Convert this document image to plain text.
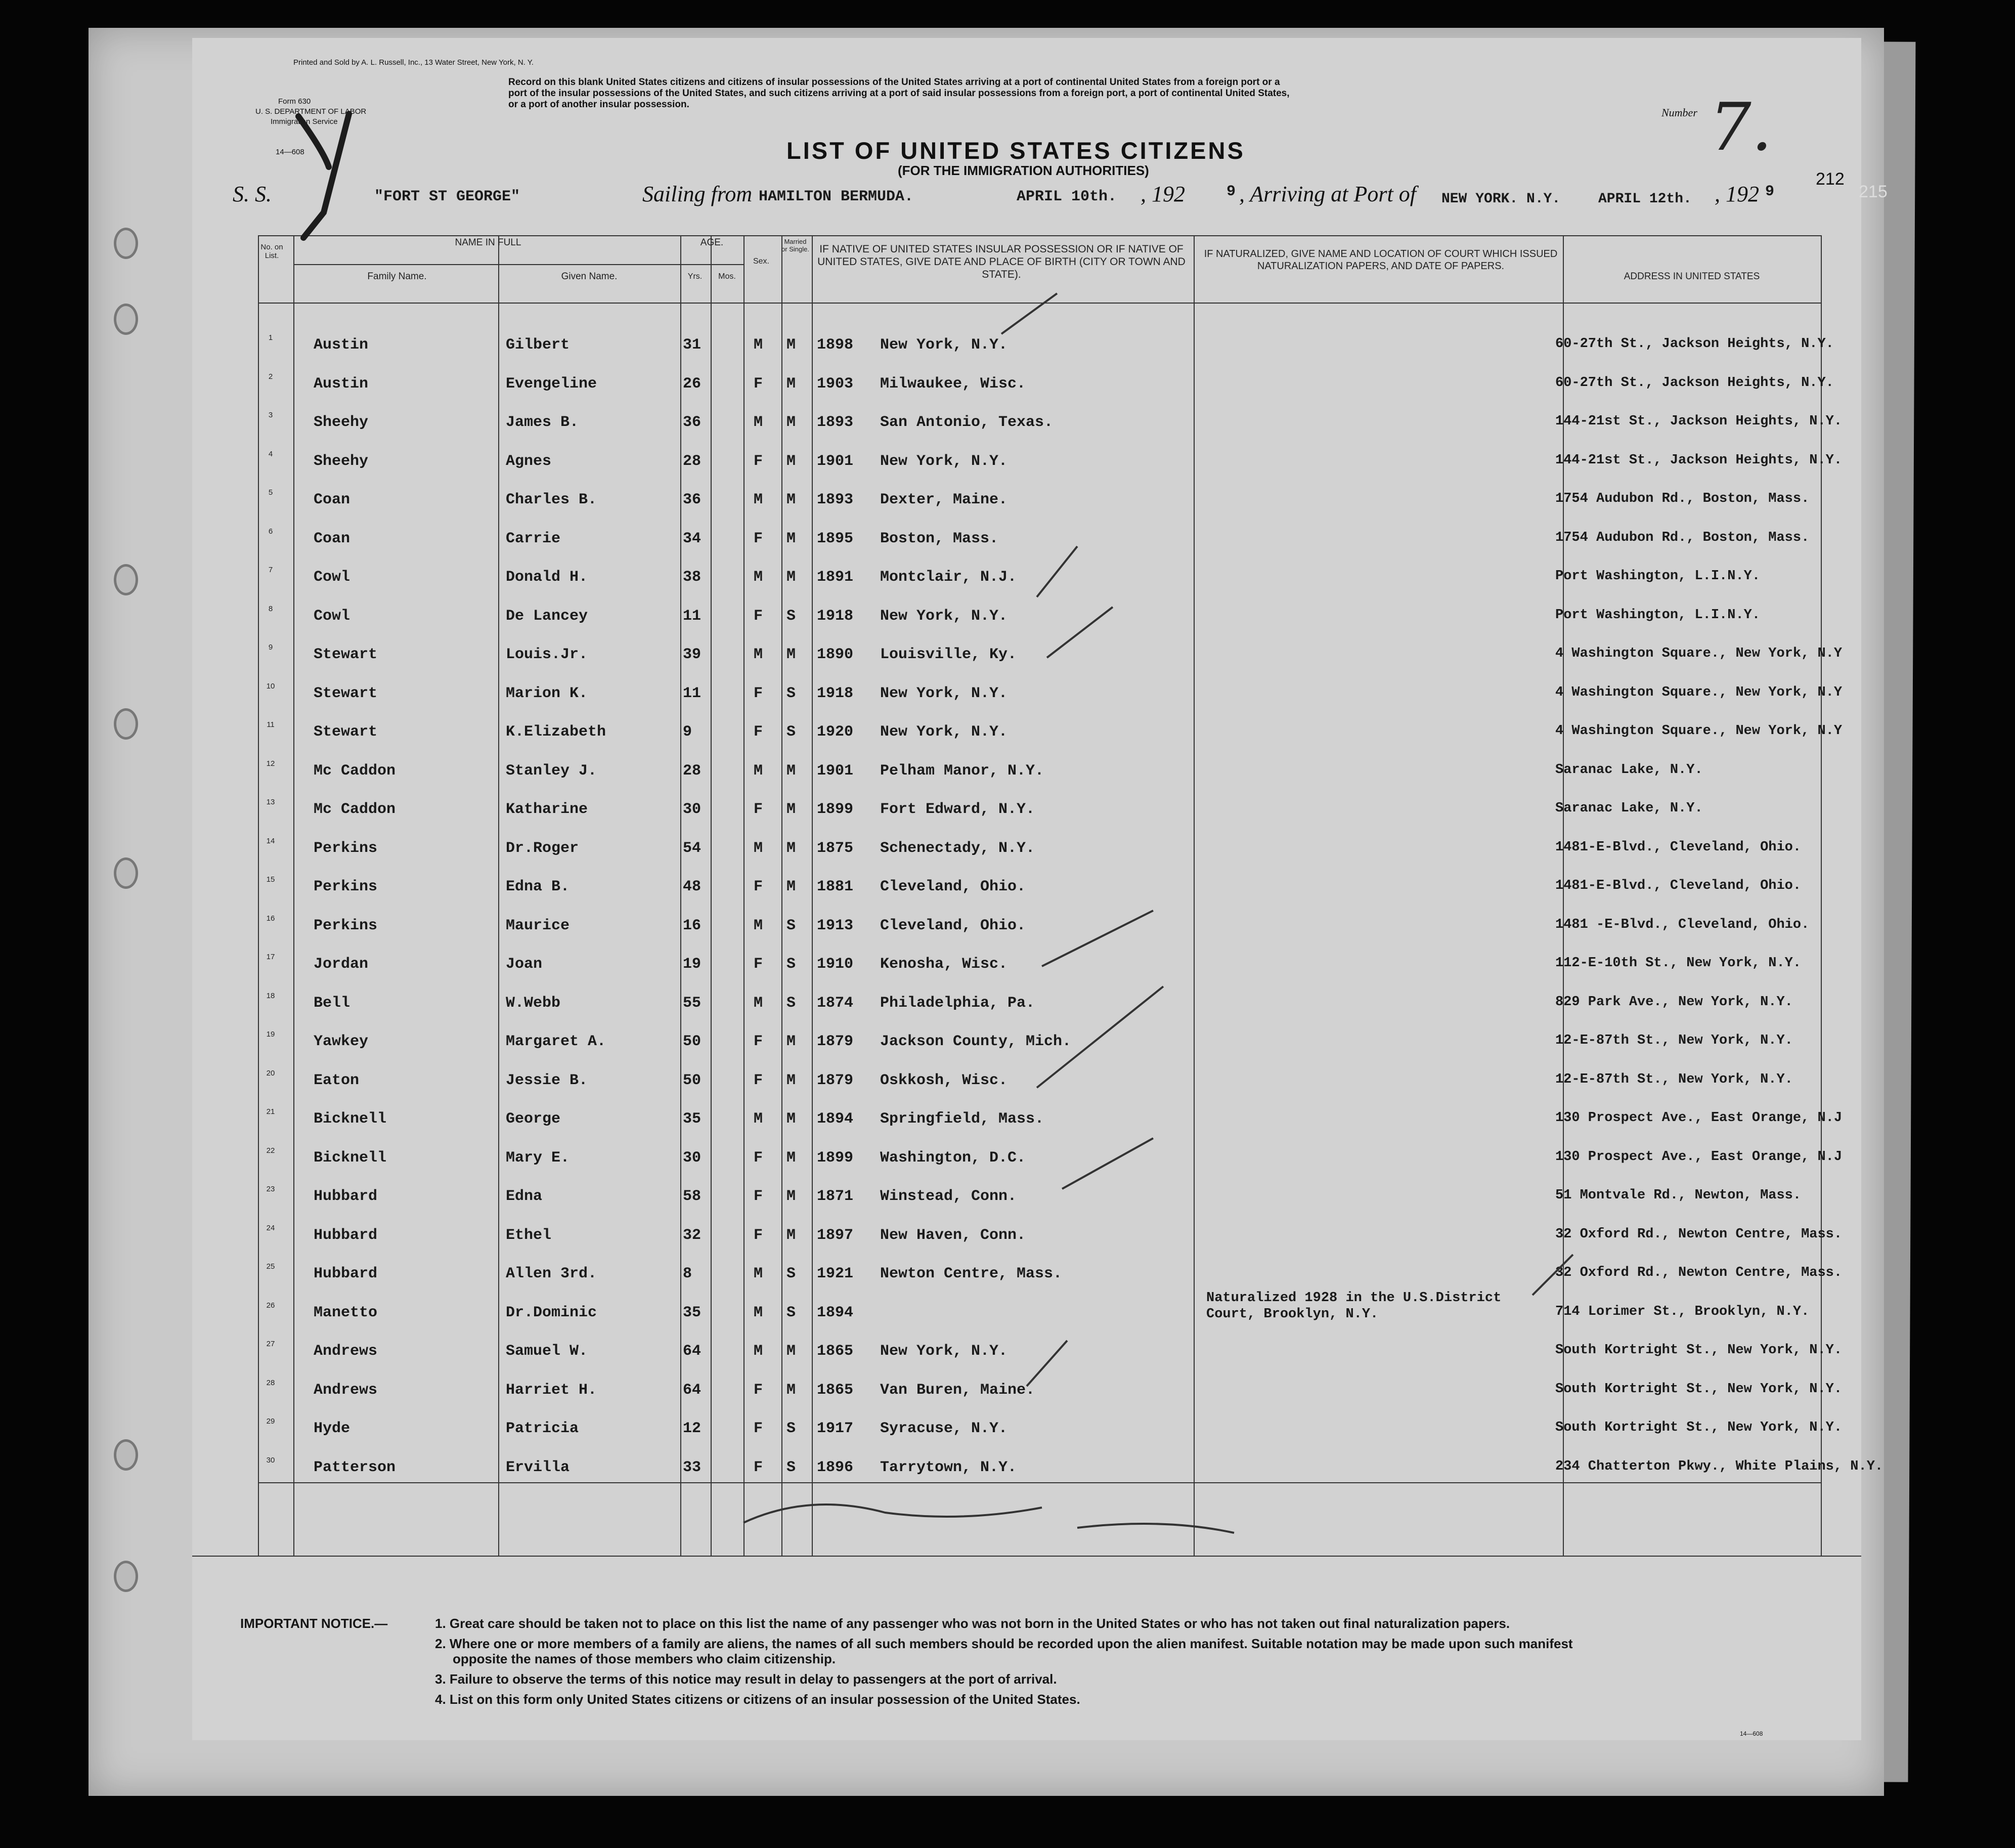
Printed and Sold by A. L. Russell, Inc., 13 Water Street, New York, N. Y.
Form 630
U. S. DEPARTMENT OF LABOR
Immigration Service
14—608
Record on this blank United States citizens and citizens of insular possessions of the United States arriving at a port of continental United States from a foreign port or a
port of the insular possessions of the United States, and such citizens arriving at a port of said insular possessions from a foreign port, a port of continental United States,
or a port of another insular possession.
Number 7.
LIST OF UNITED STATES CITIZENS
(FOR THE IMMIGRATION AUTHORITIES)
S. S.	"FORT ST GEORGE"	Sailing from HAMILTON BERMUDA.	APRIL 10th. , 192	9 , Arriving at Port of NEW YORK. N.Y.	APRIL 12th. , 192 9
212
215
No. on List.
NAME IN FULL
Family Name.	Given Name.
AGE.
Yrs.	Mos.
Sex.
Married or Single. IF NATIVE OF UNITED STATES INSULAR POSSESSION OR IF NATIVE OF UNITED STATES, GIVE DATE AND PLACE OF BIRTH (CITY OR TOWN AND STATE).
IF NATURALIZED, GIVE NAME AND LOCATION OF COURT WHICH ISSUED NATURALIZATION PAPERS, AND DATE OF PAPERS.
ADDRESS IN UNITED STATES
1	Austin	Gilbert	31	M M 1898 New York, N.Y.	60-27th St., Jackson Heights, N.Y.
2	Austin	Evengeline	26	F M 1903 Milwaukee, Wisc.	60-27th St., Jackson Heights, N.Y.
3	Sheehy	James B.	36	M M 1893 San Antonio, Texas.	144-21st St., Jackson Heights, N.Y.
4	Sheehy	Agnes	28	F M 1901 New York, N.Y.	144-21st St., Jackson Heights, N.Y.
5	Coan	Charles B.	36	M M 1893 Dexter, Maine.	1754 Audubon Rd., Boston, Mass.
6	Coan	Carrie	34	F M 1895 Boston, Mass.	1754 Audubon Rd., Boston, Mass.
7	Cowl	Donald H.	38	M M 1891 Montclair, N.J.	Port Washington, L.I.N.Y.
8	Cowl	De Lancey	11	F S 1918 New York, N.Y.	Port Washington, L.I.N.Y.
9	Stewart	Louis.Jr.	39	M M 1890 Louisville, Ky.	4 Washington Square., New York, N.Y
10	Stewart	Marion K.	11	F S 1918 New York, N.Y.	4 Washington Square., New York, N.Y
11	Stewart	K.Elizabeth	9	F S 1920 New York, N.Y.	4 Washington Square., New York, N.Y
12	Mc Caddon	Stanley J.	28	M M 1901 Pelham Manor, N.Y.	Saranac Lake, N.Y.
13	Mc Caddon	Katharine	30	F M 1899 Fort Edward, N.Y.	Saranac Lake, N.Y.
14	Perkins	Dr.Roger	54	M M 1875 Schenectady, N.Y.	1481-E-Blvd., Cleveland, Ohio.
15	Perkins	Edna B.	48	F M 1881 Cleveland, Ohio.	1481-E-Blvd., Cleveland, Ohio.
16	Perkins	Maurice	16	M S 1913 Cleveland, Ohio.	1481 -E-Blvd., Cleveland, Ohio.
17	Jordan	Joan	19	F S 1910 Kenosha, Wisc.	112-E-10th St., New York, N.Y.
18	Bell	W.Webb	55	M S 1874 Philadelphia, Pa.	829 Park Ave., New York, N.Y.
19	Yawkey	Margaret A.	50	F M 1879 Jackson County, Mich.	12-E-87th St., New York, N.Y.
20	Eaton	Jessie B.	50	F M 1879 Oskkosh, Wisc.	12-E-87th St., New York, N.Y.
21	Bicknell	George	35	M M 1894 Springfield, Mass.	130 Prospect Ave., East Orange, N.J
22	Bicknell	Mary E.	30	F M 1899 Washington, D.C.	130 Prospect Ave., East Orange, N.J
23	Hubbard	Edna	58	F M 1871 Winstead, Conn.	51 Montvale Rd., Newton, Mass.
24	Hubbard	Ethel	32	F M 1897 New Haven, Conn.	32 Oxford Rd., Newton Centre, Mass.
25	Hubbard	Allen 3rd.	8	M S 1921 Newton Centre, Mass.	32 Oxford Rd., Newton Centre, Mass.
26	Manetto	Dr.Dominic	35	M S 1894	714 Lorimer St., Brooklyn, N.Y.
Naturalized 1928 in the U.S.District Court, Brooklyn, N.Y.
27	Andrews	Samuel W.	64	M M 1865 New York, N.Y.	South Kortright St., New York, N.Y.
28	Andrews	Harriet H.	64	F M 1865 Van Buren, Maine.	South Kortright St., New York, N.Y.
29	Hyde	Patricia	12	F S 1917 Syracuse, N.Y.	South Kortright St., New York, N.Y.
30	Patterson	Ervilla	33	F S 1896 Tarrytown, N.Y.	234 Chatterton Pkwy., White Plains, N.Y.
IMPORTANT NOTICE.—	1. Great care should be taken not to place on this list the name of any passenger who was not born in the United States or who has not taken out final naturalization papers.
2. Where one or more members of a family are aliens, the names of all such members should be recorded upon the alien manifest. Suitable notation may be made upon such manifest
opposite the names of those members who claim citizenship.
3. Failure to observe the terms of this notice may result in delay to passengers at the port of arrival.
4. List on this form only United States citizens or citizens of an insular possession of the United States.
14—608
